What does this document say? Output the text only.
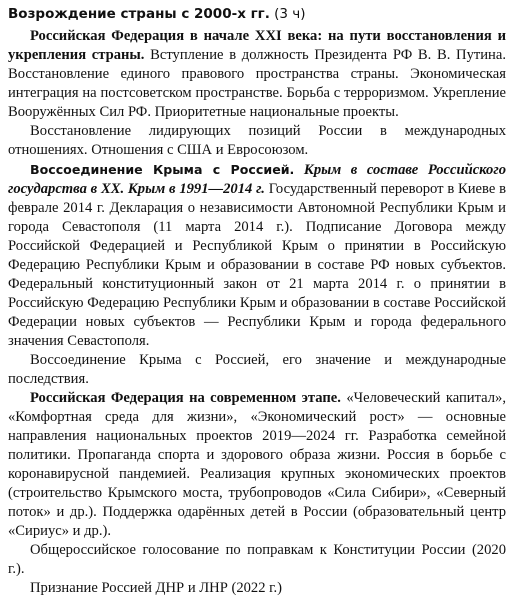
Возрождение страны с 2000-х гг. (3 ч)

Российская Федерация в начале XXI века: на пути восстановления и укрепления страны. Вступление в должность Президента РФ В. В. Путина. Восстановление единого правового пространства страны. Экономическая интеграция на постсоветском пространстве. Борьба с терроризмом. Укрепление Вооружённых Сил РФ. Приоритетные национальные проекты.

Восстановление лидирующих позиций России в международных отношениях. Отношения с США и Евросоюзом.

Воссоединение Крыма с Россией. Крым в составе Российского государства в XX. Крым в 1991—2014 г. Государственный переворот в Киеве в феврале 2014 г. Декларация о независимости Автономной Республики Крым и города Севастополя (11 марта 2014 г.). Подписание Договора между Российской Федерацией и Республикой Крым о принятии в Российскую Федерацию Республики Крым и образовании в составе РФ новых субъектов. Федеральный конституционный закон от 21 марта 2014 г. о принятии в Российскую Федерацию Республики Крым и образовании в составе Российской Федерации новых субъектов — Республики Крым и города федерального значения Севастополя.

Воссоединение Крыма с Россией, его значение и международные последствия.

Российская Федерация на современном этапе. «Человеческий капитал», «Комфортная среда для жизни», «Экономический рост» — основные направления национальных проектов 2019—2024 гг. Разработка семейной политики. Пропаганда спорта и здорового образа жизни. Россия в борьбе с коронавирусной пандемией. Реализация крупных экономических проектов (строительство Крымского моста, трубопроводов «Сила Сибири», «Северный поток» и др.). Поддержка одарённых детей в России (образовательный центр «Сириус» и др.).

Общероссийское голосование по поправкам к Конституции России (2020 г.).

Признание Россией ДНР и ЛНР (2022 г.)
